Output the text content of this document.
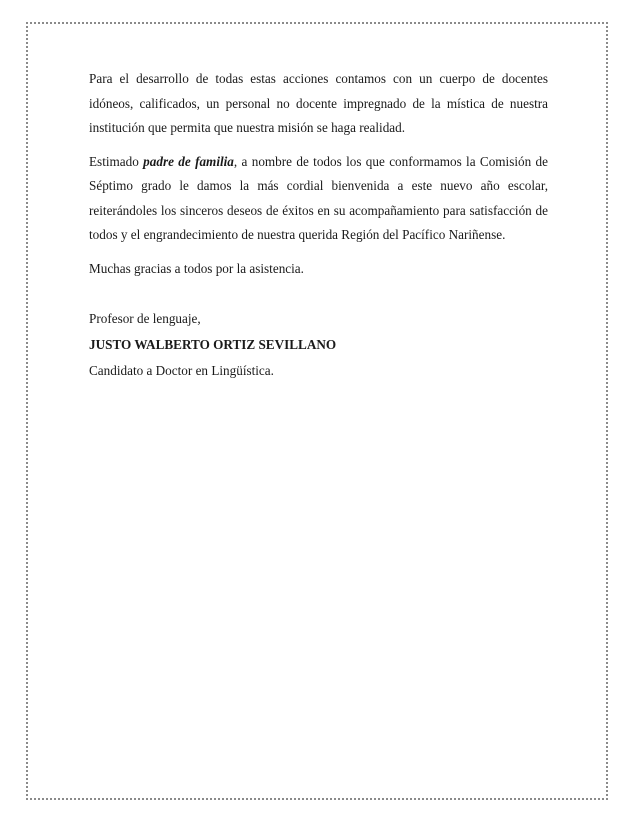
Para el desarrollo de todas estas acciones contamos con un cuerpo de docentes idóneos, calificados, un personal no docente impregnado de la mística de nuestra institución que permita que nuestra misión se haga realidad.

Estimado padre de familia, a nombre de todos los que conformamos la Comisión de Séptimo grado le damos la más cordial bienvenida a este nuevo año escolar, reiterándoles los sinceros deseos de éxitos en su acompañamiento para satisfacción de todos y el engrandecimiento de nuestra querida Región del Pacífico Nariñense.

Muchas gracias a todos por la asistencia.

Profesor de lenguaje,

JUSTO WALBERTO ORTIZ SEVILLANO

Candidato a Doctor en Lingüística.
